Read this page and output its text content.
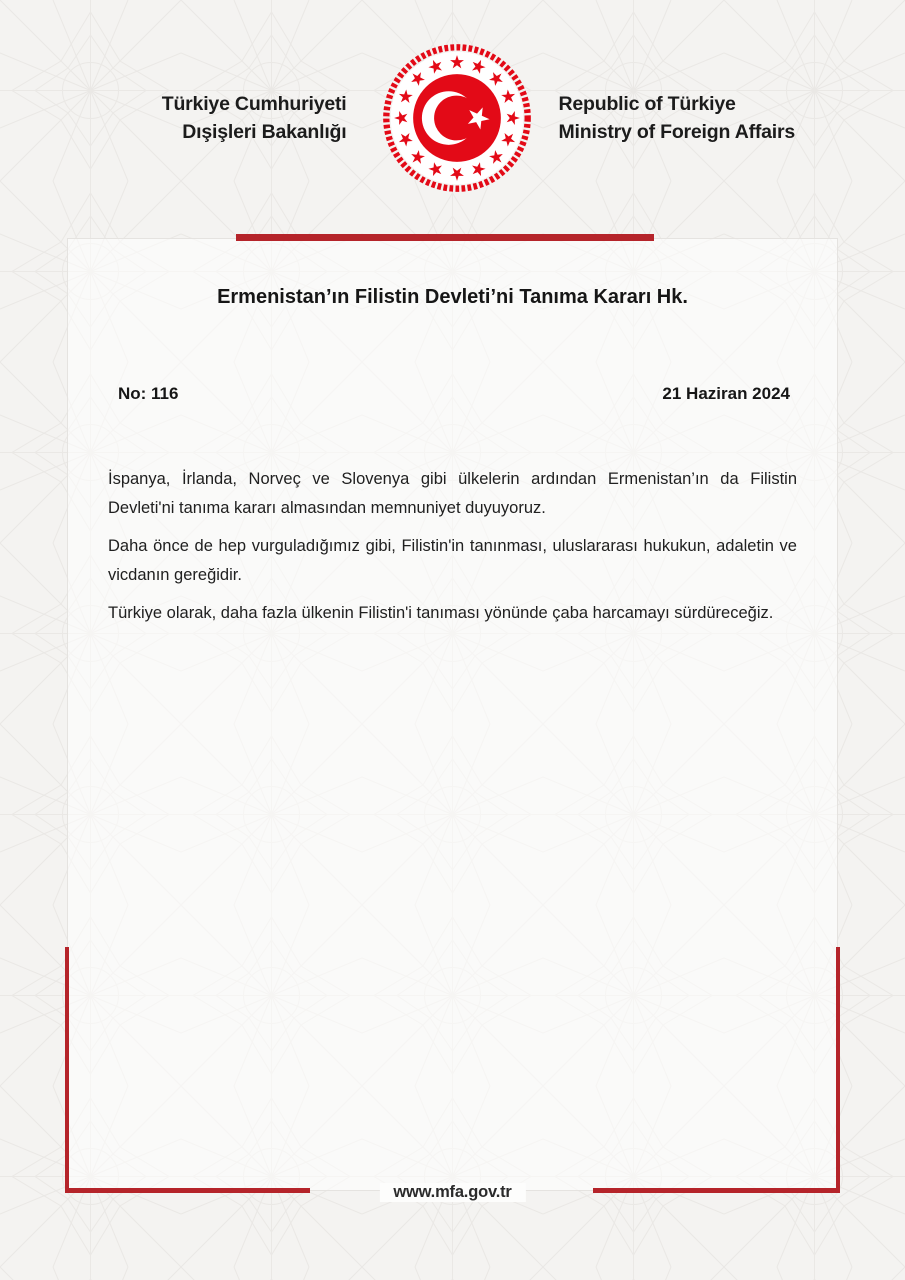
Türkiye Cumhuriyeti
Dışişleri Bakanlığı
Republic of Türkiye
Ministry of Foreign Affairs
Ermenistan’ın Filistin Devleti’ni Tanıma Kararı Hk.
No: 116	21 Haziran 2024

İspanya, İrlanda, Norveç ve Slovenya gibi ülkelerin ardından Ermenistan’ın da Filistin Devleti'ni tanıma kararı almasından memnuniyet duyuyoruz.

Daha önce de hep vurguladığımız gibi, Filistin'in tanınması, uluslararası hukukun, adaletin ve vicdanın gereğidir.

Türkiye olarak, daha fazla ülkenin Filistin'i tanıması yönünde çaba harcamayı sürdüreceğiz.

www.mfa.gov.tr
